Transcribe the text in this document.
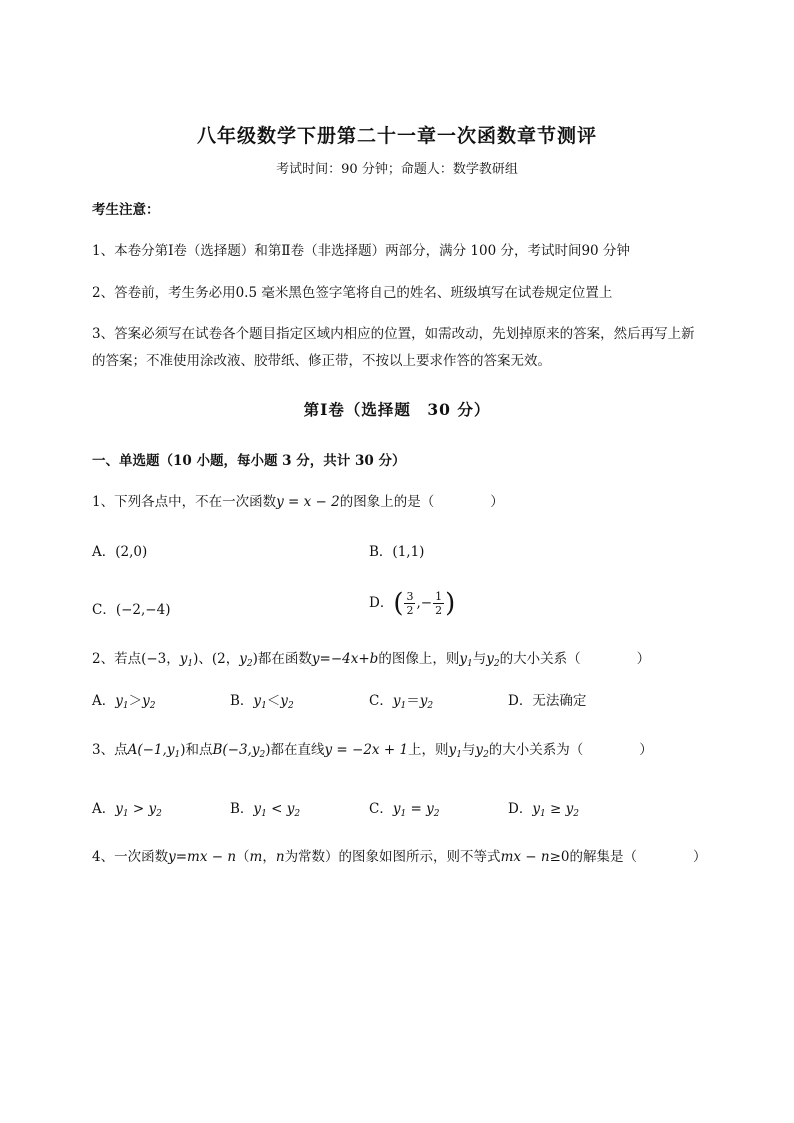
八年级数学下册第二十一章一次函数章节测评
考试时间：90 分钟；命题人：数学教研组
考生注意：
1、本卷分第Ⅰ卷（选择题）和第Ⅱ卷（非选择题）两部分，满分 100 分，考试时间90 分钟
2、答卷前，考生务必用0.5 毫米黑色签字笔将自己的姓名、班级填写在试卷规定位置上
3、答案必须写在试卷各个题目指定区域内相应的位置，如需改动，先划掉原来的答案，然后再写上新
的答案；不准使用涂改液、胶带纸、修正带，不按以上要求作答的答案无效。
第Ⅰ卷（选择题　30 分）
一、单选题（10 小题，每小题 3 分，共计 30 分）
1、下列各点中，不在一次函数y = x − 2的图象上的是（	）
A．(2,0)	B．(1,1)
C．(−2,−4)	D．( $\frac{3}{2}$ ,− $\frac{1}{2}$ )
2、若点(−3，$y_1$)、(2，$y_2$)都在函数y=−4x+b的图像上，则$y_1$与$y_2$的大小关系（	）
A．$y_1>y_2$	B．$y_1<y_2$	C．$y_1=y_2$	D．无法确定
3、点$A(-1,y_1)$和点$B(-3,y_2)$都在直线y = −2x + 1上，则$y_1$与$y_2$的大小关系为（	）
A．$y_1 > y_2$	B．$y_1 < y_2$	C．$y_1 = y_2$	D．$y_1 \ge y_2$
4、一次函数y=mx − n（m，n为常数）的图象如图所示，则不等式mx − n≥0的解集是（	）
